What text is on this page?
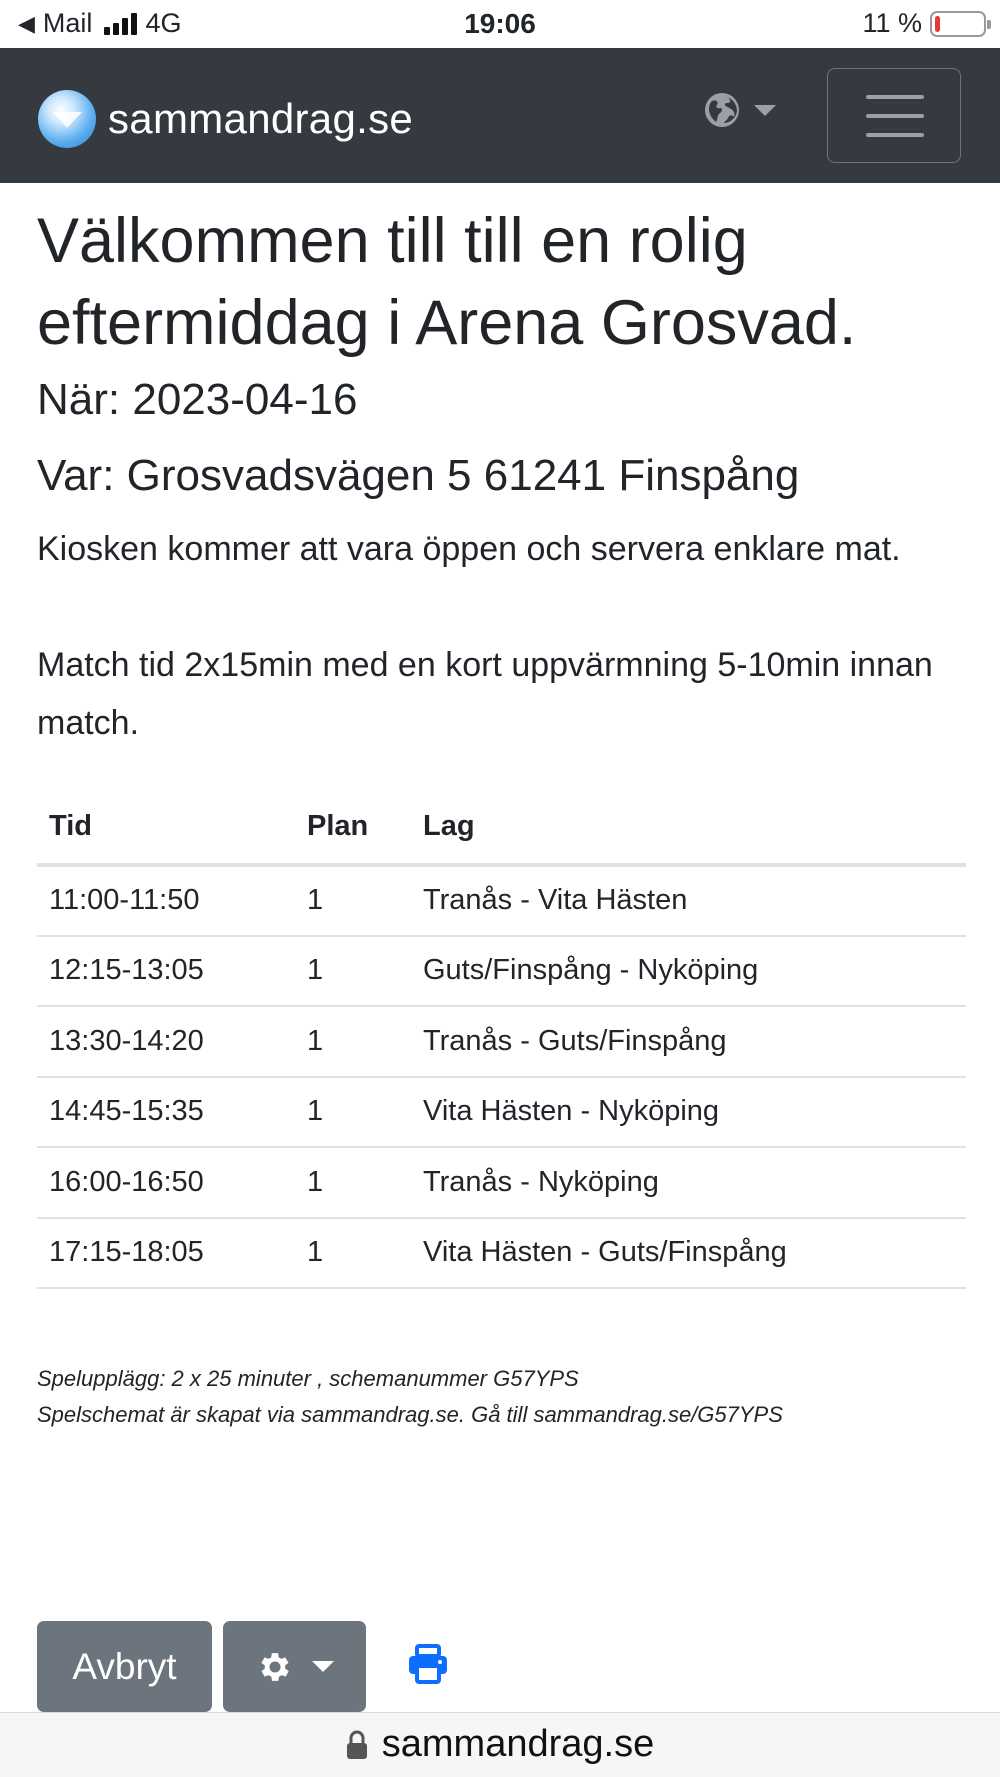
◀ Mail 4G	19:06	11 %
sammandrag.se
Välkommen till till en rolig eftermiddag i Arena Grosvad.
När: 2023-04-16
Var: Grosvadsvägen 5 61241 Finspång

Kiosken kommer att vara öppen och servera enklare mat.

Match tid 2x15min med en kort uppvärmning 5-10min innan match.

Tid	Plan	Lag
11:00-11:50	1	Tranås - Vita Hästen
12:15-13:05	1	Guts/Finspång - Nyköping
13:30-14:20	1	Tranås - Guts/Finspång
14:45-15:35	1	Vita Hästen - Nyköping
16:00-16:50	1	Tranås - Nyköping
17:15-18:05	1	Vita Hästen - Guts/Finspång
Spelupplägg: 2 x 25 minuter , schemanummer G57YPS
Spelschemat är skapat via sammandrag.se. Gå till sammandrag.se/G57YPS
Avbryt
sammandrag.se
